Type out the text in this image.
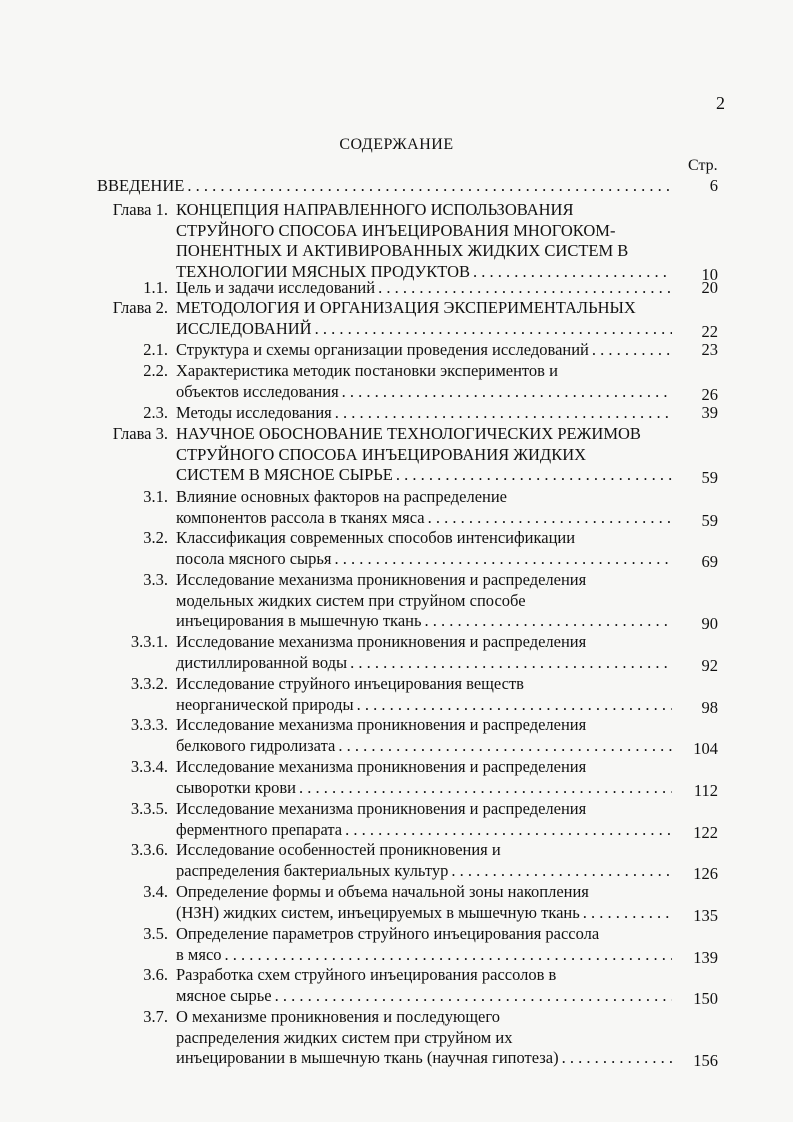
2
СОДЕРЖАНИЕ
Стр.
ВВЕДЕНИЕ . . .	6
Глава 1. КОНЦЕПЦИЯ НАПРАВЛЕННОГО ИСПОЛЬЗОВАНИЯ
СТРУЙНОГО СПОСОБА ИНЪЕЦИРОВАНИЯ МНОГОКОМ-
ПОНЕНТНЫХ И АКТИВИРОВАННЫХ ЖИДКИХ СИСТЕМ В
ТЕХНОЛОГИИ МЯСНЫХ ПРОДУКТОВ . . .	10
1.1. Цель и задачи исследований . . .	20
Глава 2. МЕТОДОЛОГИЯ И ОРГАНИЗАЦИЯ ЭКСПЕРИМЕНТАЛЬНЫХ
ИССЛЕДОВАНИЙ . . .	22
2.1. Структура и схемы организации проведения исследований . . .	23
2.2. Характеристика методик постановки экспериментов и
объектов исследования . . .	26
2.3. Методы исследования . . .	39
Глава 3. НАУЧНОЕ ОБОСНОВАНИЕ ТЕХНОЛОГИЧЕСКИХ РЕЖИМОВ
СТРУЙНОГО СПОСОБА ИНЪЕЦИРОВАНИЯ ЖИДКИХ
СИСТЕМ В МЯСНОЕ СЫРЬЕ . . .	59
3.1. Влияние основных факторов на распределение
компонентов рассола в тканях мяса . . .	59
3.2. Классификация современных способов интенсификации
посола мясного сырья . . .	69
3.3. Исследование механизма проникновения и распределения
модельных жидких систем при струйном способе
инъецирования в мышечную ткань . . .	90
3.3.1. Исследование механизма проникновения и распределения
дистиллированной воды . . .	92
3.3.2. Исследование струйного инъецирования веществ
неорганической природы . . .	98
3.3.3. Исследование механизма проникновения и распределения
белкового гидролизата . . .	104
3.3.4. Исследование механизма проникновения и распределения
сыворотки крови . . .	112
3.3.5. Исследование механизма проникновения и распределения
ферментного препарата . . .	122
3.3.6. Исследование особенностей проникновения и
распределения бактериальных культур . . .	126
3.4. Определение формы и объема начальной зоны накопления
(НЗН) жидких систем, инъецируемых в мышечную ткань . . .	135
3.5. Определение параметров струйного инъецирования рассола
в мясо . . .	139
3.6. Разработка схем струйного инъецирования рассолов в
мясное сырье . . .	150
3.7. О механизме проникновения и последующего
распределения жидких систем при струйном их
инъецировании в мышечную ткань (научная гипотеза) . . .	156
